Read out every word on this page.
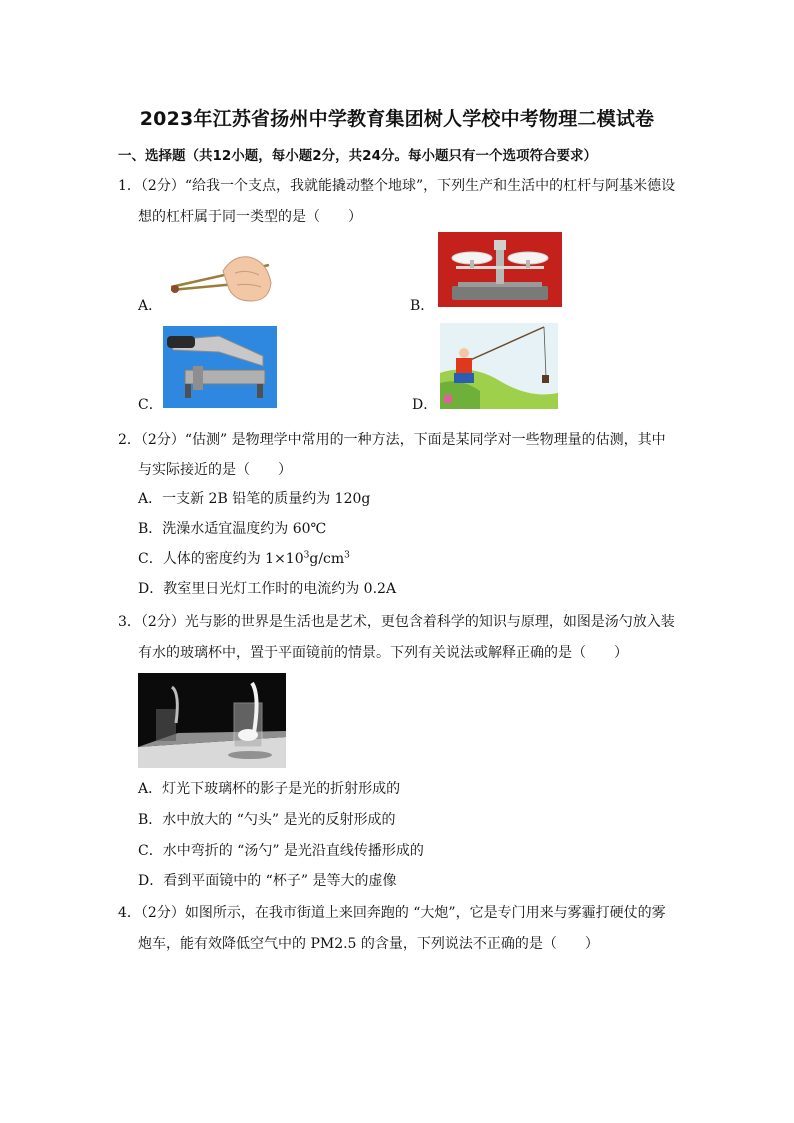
2023年江苏省扬州中学教育集团树人学校中考物理二模试卷
一、选择题（共12小题，每小题2分，共24分。每小题只有一个选项符合要求）
1．（2分）“给我一个支点，我就能撬动整个地球”，下列生产和生活中的杠杆与阿基米德设
想的杠杆属于同一类型的是（　　）
A．	B．
C．	D．
2．（2分）“估测” 是物理学中常用的一种方法，下面是某同学对一些物理量的估测，其中
与实际接近的是（　　）
A．一支新 2B 铅笔的质量约为 120g
B．洗澡水适宜温度约为 60℃
C．人体的密度约为 $1\times 10^3g/cm^3$
D．教室里日光灯工作时的电流约为 0.2A
3．（2分）光与影的世界是生活也是艺术，更包含着科学的知识与原理，如图是汤勺放入装
有水的玻璃杯中，置于平面镜前的情景。下列有关说法或解释正确的是（　　）
A．灯光下玻璃杯的影子是光的折射形成的
B．水中放大的 “勺头” 是光的反射形成的
C．水中弯折的 “汤勺” 是光沿直线传播形成的
D．看到平面镜中的 “杯子” 是等大的虚像
4．（2分）如图所示，在我市街道上来回奔跑的 “大炮”，它是专门用来与雾霾打硬仗的雾
炮车，能有效降低空气中的 PM2.5 的含量，下列说法不正确的是（　　）
